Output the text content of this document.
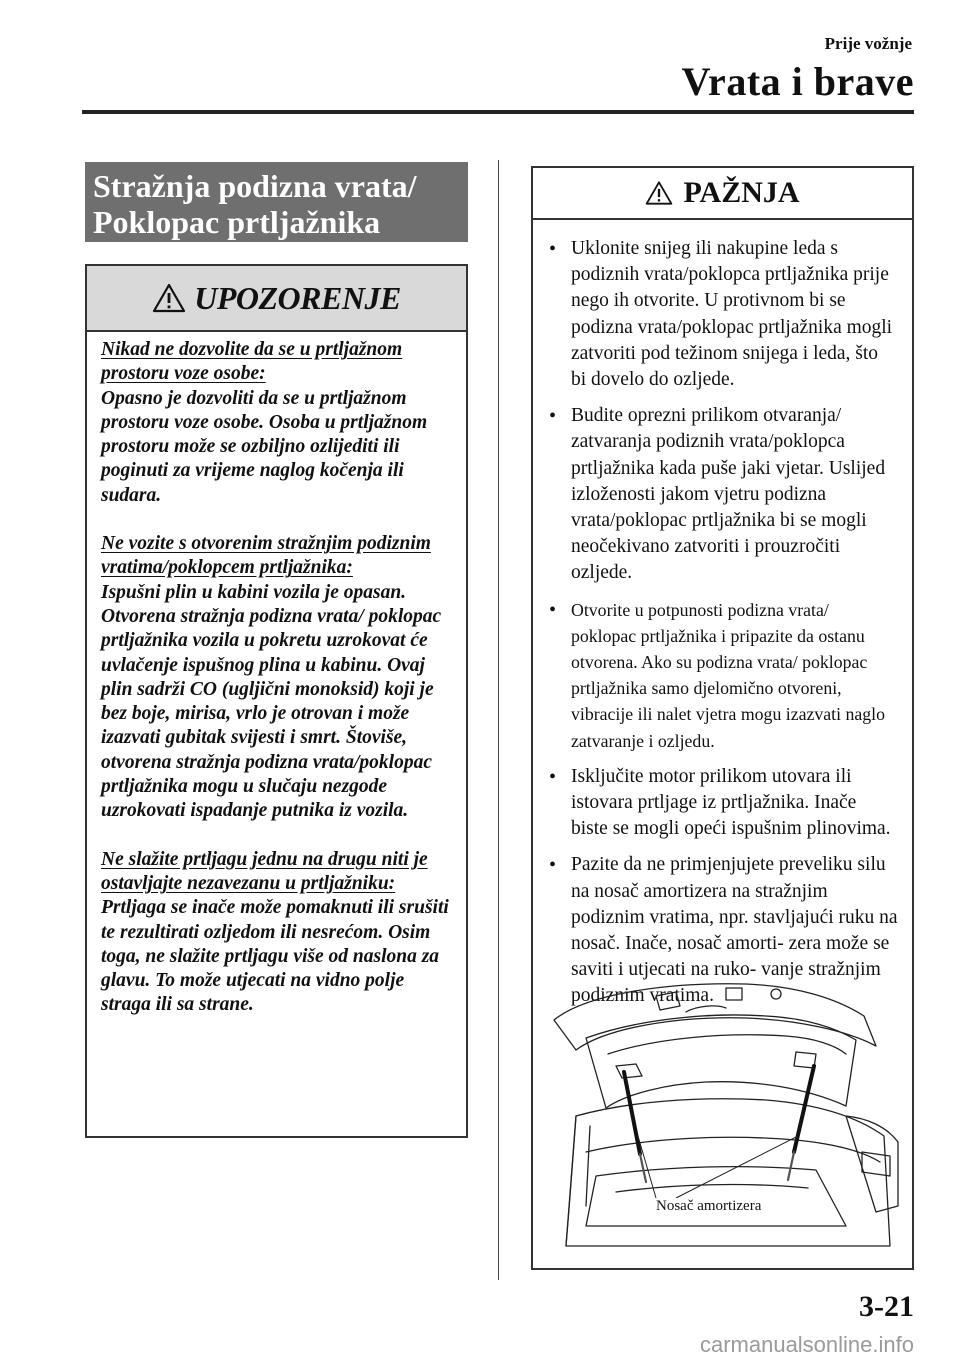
Prije vožnje
Vrata i brave
Stražnja podizna vrata/
Poklopac prtljažnika
UPOZORENJE
Nikad ne dozvolite da se u prtljažnom prostoru voze osobe:
Opasno je dozvoliti da se u prtljažnom prostoru voze osobe. Osoba u prtljažnom prostoru može se ozbiljno ozlijediti ili poginuti za vrijeme naglog kočenja ili sudara.
Ne vozite s otvorenim stražnjim podiznim vratima/poklopcem prtljažnika:
Ispušni plin u kabini vozila je opasan. Otvorena stražnja podizna vrata/ poklopac prtljažnika vozila u pokretu uzrokovat će uvlačenje ispušnog plina u kabinu. Ovaj plin sadrži CO (ugljični monoksid) koji je bez boje, mirisa, vrlo je otrovan i može izazvati gubitak svijesti i smrt. Štoviše, otvorena stražnja podizna vrata/poklopac prtljažnika mogu u slučaju nezgode uzrokovati ispadanje putnika iz vozila.
Ne slažite prtljagu jednu na drugu niti je ostavljajte nezavezanu u prtljažniku:
Prtljaga se inače može pomaknuti ili srušiti te rezultirati ozljedom ili nesrećom. Osim toga, ne slažite prtljagu više od naslona za glavu. To može utjecati na vidno polje straga ili sa strane.
PAŽNJA
• Uklonite snijeg ili nakupine leda s podiznih vrata/poklopca prtljažnika prije nego ih otvorite. U protivnom bi se podizna vrata/poklopac prtljažnika mogli zatvoriti pod težinom snijega i leda, što bi dovelo do ozljede.
• Budite oprezni prilikom otvaranja/ zatvaranja podiznih vrata/poklopca prtljažnika kada puše jaki vjetar. Uslijed izloženosti jakom vjetru podizna vrata/poklopac prtljažnika bi se mogli neočekivano zatvoriti i prouzročiti ozljede.
• Otvorite u potpunosti podizna vrata/ poklopac prtljažnika i pripazite da ostanu otvorena. Ako su podizna vrata/ poklopac prtljažnika samo djelomično otvoreni, vibracije ili nalet vjetra mogu izazvati naglo zatvaranje i ozljedu.
• Isključite motor prilikom utovara ili istovara prtljage iz prtljažnika. Inače biste se mogli opeći ispušnim plinovima.
• Pazite da ne primjenjujete preveliku silu na nosač amortizera na stražnjim podiznim vratima, npr. stavljajući ruku na nosač. Inače, nosač amorti- zera može se saviti i utjecati na ruko- vanje stražnjim podiznim vratima.
Nosač amortizera
3-21
carmanualsonline.info
